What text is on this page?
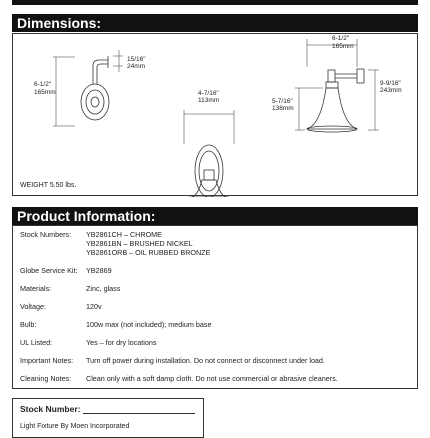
Dimensions:
6-1/2"
165mm
15/16"
24mm
4-7/16"
113mm
6-1/2"
165mm
9-9/16"
243mm
5-7/16"
138mm
WEIGHT 5.50 lbs.
Product Information:
Stock Numbers: YB2861CH – CHROME
YB2861BN – BRUSHED NICKEL
YB2861ORB – OIL RUBBED BRONZE
Globe Service Kit: YB2869
Materials:	Zinc, glass
Voltage:	120v
Bulb:	100w max (not included); medium base
UL Listed:	Yes – for dry locations
Important Notes: Turn off power during installation. Do not connect or disconnect under load.
Cleaning Notes: Clean only with a soft damp cloth. Do not use commercial or abrasive cleaners.
Stock Number:
Light Fixture By Moen Incorporated
